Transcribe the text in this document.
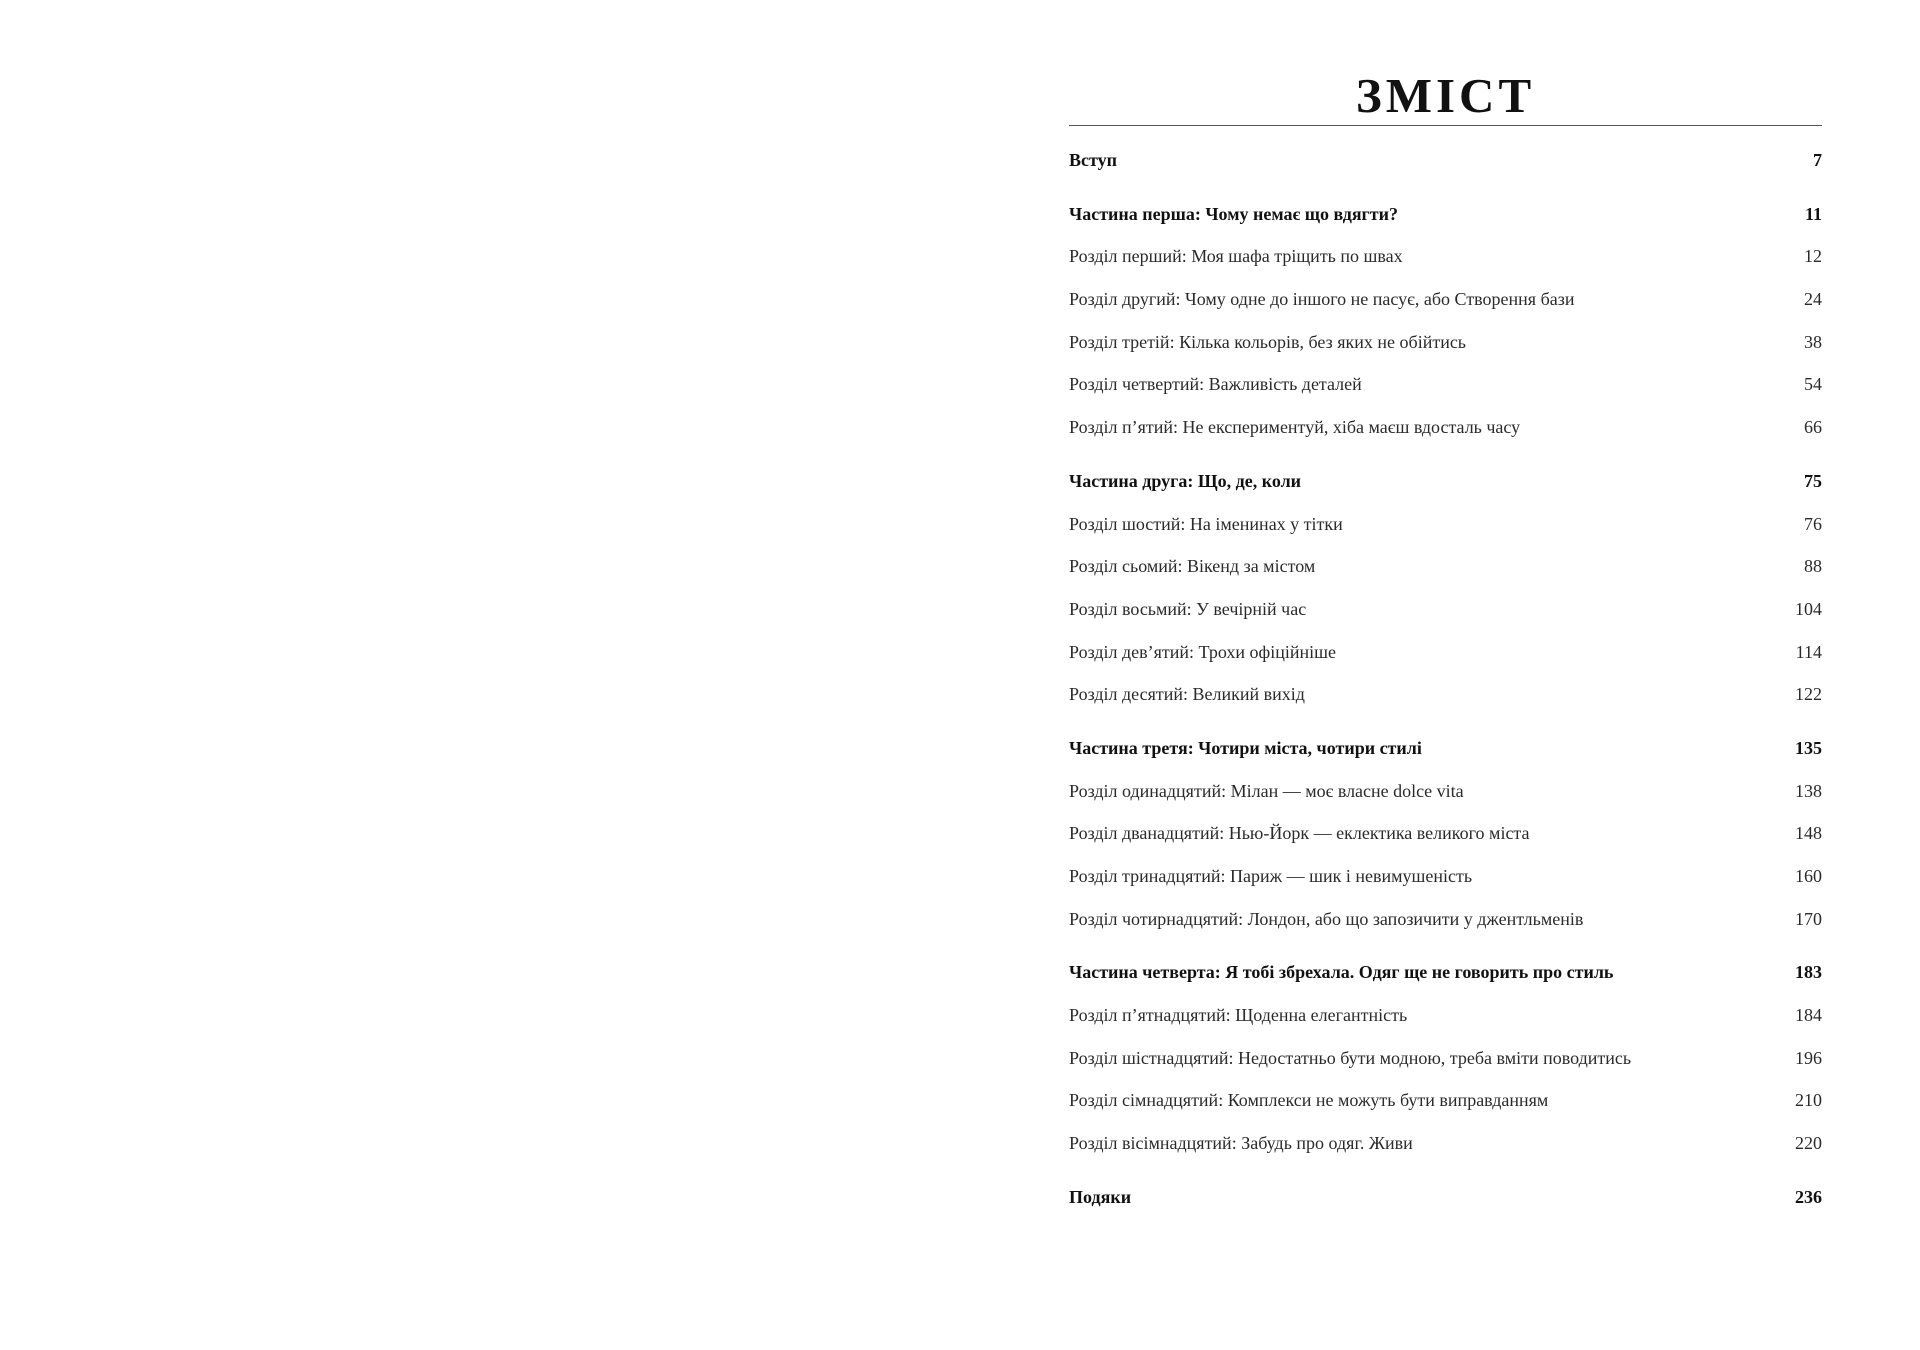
ЗМІСТ
Вступ	7
Частина перша: Чому немає що вдягти?	11
Розділ перший: Моя шафа тріщить по швах	12
Розділ другий: Чому одне до іншого не пасує, або Створення бази	24
Розділ третій: Кілька кольорів, без яких не обійтись	38
Розділ четвертий: Важливість деталей	54
Розділ п’ятий: Не експериментуй, хіба маєш вдосталь часу	66
Частина друга: Що, де, коли	75
Розділ шостий: На іменинах у тітки	76
Розділ сьомий: Вікенд за містом	88
Розділ восьмий: У вечірній час	104
Розділ дев’ятий: Трохи офіційніше	114
Розділ десятий: Великий вихід	122
Частина третя: Чотири міста, чотири стилі	135
Розділ одинадцятий: Мілан — моє власне dolce vita	138
Розділ дванадцятий: Нью-Йорк — еклектика великого міста	148
Розділ тринадцятий: Париж — шик і невимушеність	160
Розділ чотирнадцятий: Лондон, або що запозичити у джентльменів	170
Частина четверта: Я тобі збрехала. Одяг ще не говорить про стиль	183
Розділ п’ятнадцятий: Щоденна елегантність	184
Розділ шістнадцятий: Недостатньо бути модною, треба вміти поводитись	196
Розділ сімнадцятий: Комплекси не можуть бути виправданням	210
Розділ вісімнадцятий: Забудь про одяг. Живи	220
Подяки	236
